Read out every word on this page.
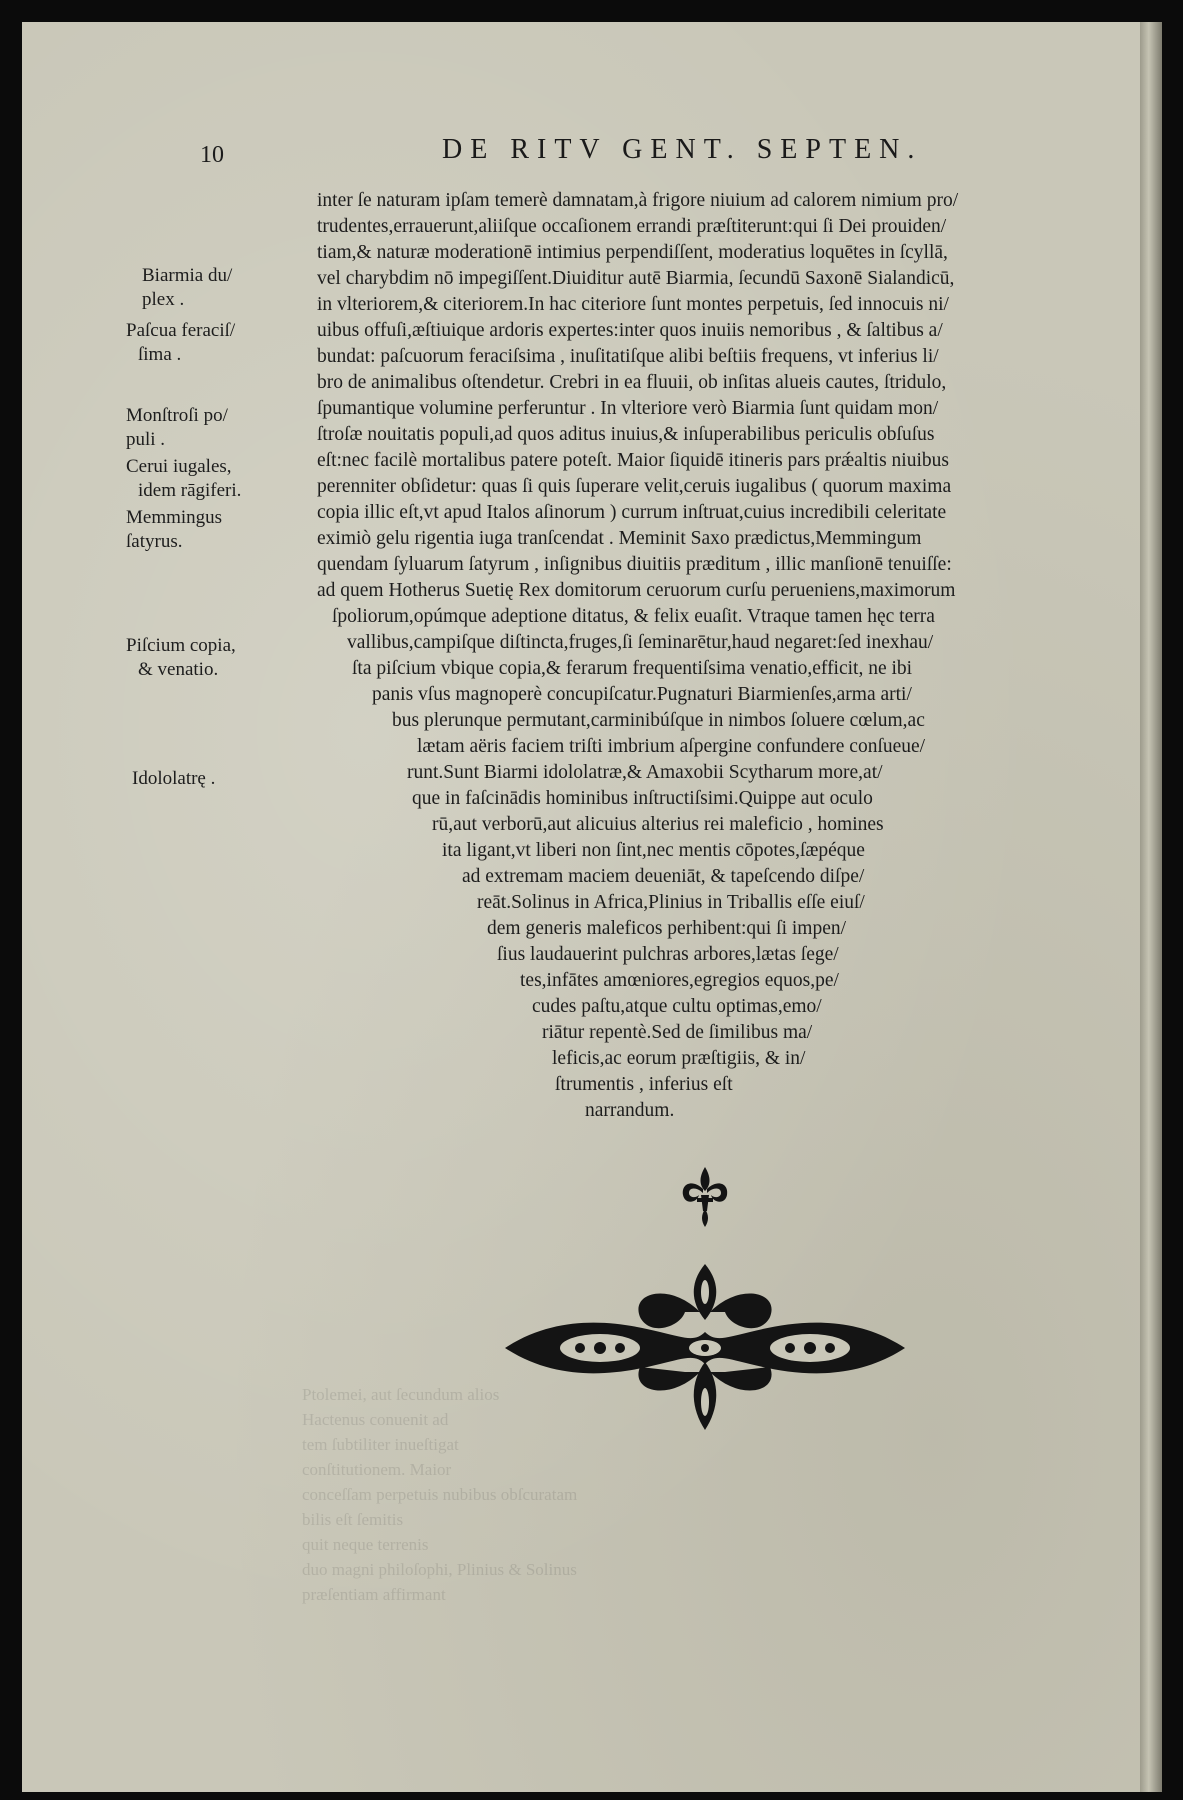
Ptolemei, aut ſecundum alios
Hactenus conuenit ad
tem ſubtiliter inueſtigat
conſtitutionem. Maior
conceſſam perpetuis nubibus obſcuratam
bilis eſt ſemitis
quit neque terrenis
duo magni philoſophi, Plinius & Solinus
præſentiam affirmant
10	DE RITV GENT. SEPTEN.
inter ſe naturam ipſam temerè damnatam,à frigore niuium ad calorem nimium pro/
trudentes,errauerunt,aliiſque occaſionem errandi præſtiterunt:qui ſi Dei prouiden/
tiam,& naturæ moderationē intimius perpendiſſent, moderatius loquētes in ſcyllā,
vel charybdim nō impegiſſent.Diuiditur autē Biarmia, ſecundū Saxonē Sialandicū,
in vlteriorem,& citeriorem.In hac citeriore ſunt montes perpetuis, ſed innocuis ni/
uibus offuſi,æſtiuique ardoris expertes:inter quos inuiis nemoribus , & ſaltibus a/
bundat: paſcuorum feraciſsima , inuſitatiſque alibi beſtiis frequens, vt inferius li/
bro de animalibus oſtendetur. Crebri in ea fluuii, ob inſitas alueis cautes, ſtridulo,
ſpumantique volumine perferuntur . In vlteriore verò Biarmia ſunt quidam mon/
ſtroſæ nouitatis populi,ad quos aditus inuius,& inſuperabilibus periculis obſuſus
eſt:nec facilè mortalibus patere poteſt. Maior ſiquidē itineris pars prǽaltis niuibus
perenniter obſidetur: quas ſi quis ſuperare velit,ceruis iugalibus ( quorum maxima
copia illic eſt,vt apud Italos aſinorum ) currum inſtruat,cuius incredibili celeritate
eximiò gelu rigentia iuga tranſcendat . Meminit Saxo prædictus,Memmingum
quendam ſyluarum ſatyrum , inſignibus diuitiis præditum , illic manſionē tenuiſſe:
ad quem Hotherus Suetię Rex domitorum ceruorum curſu perueniens,maximorum
ſpoliorum,opúmque adeptione ditatus, & felix euaſit. Vtraque tamen hęc terra
vallibus,campiſque diſtincta,fruges,ſi ſeminarētur,haud negaret:ſed inexhau/
ſta piſcium vbique copia,& ferarum frequentiſsima venatio,efficit, ne ibi
panis vſus magnoperè concupiſcatur.Pugnaturi Biarmienſes,arma arti/
bus plerunque permutant,carminibúſque in nimbos ſoluere cœlum,ac
lætam aëris faciem triſti imbrium aſpergine confundere conſueue/
runt.Sunt Biarmi idololatræ,& Amaxobii Scytharum more,at/
que in faſcinādis hominibus inſtructiſsimi.Quippe aut oculo
rū,aut verborū,aut alicuius alterius rei maleficio , homines
ita ligant,vt liberi non ſint,nec mentis cōpotes,ſæpéque
ad extremam maciem deueniāt, & tapeſcendo diſpe/
reāt.Solinus in Africa,Plinius in Triballis eſſe eiuſ/
dem generis maleficos perhibent:qui ſi impen/
ſius laudauerint pulchras arbores,lætas ſege/
tes,infātes amœniores,egregios equos,pe/
cudes paſtu,atque cultu optimas,emo/
riātur repentè.Sed de ſimilibus ma/
leficis,ac eorum præſtigiis, & in/
ſtrumentis , inferius eſt
narrandum.
Biarmia du/
plex .
Paſcua feraciſ/
ſima .
Monſtroſi po/
puli .
Cerui iugales,
idem rāgiferi.
Memmingus
ſatyrus.
Piſcium copia,
& venatio.
Idololatrę .
